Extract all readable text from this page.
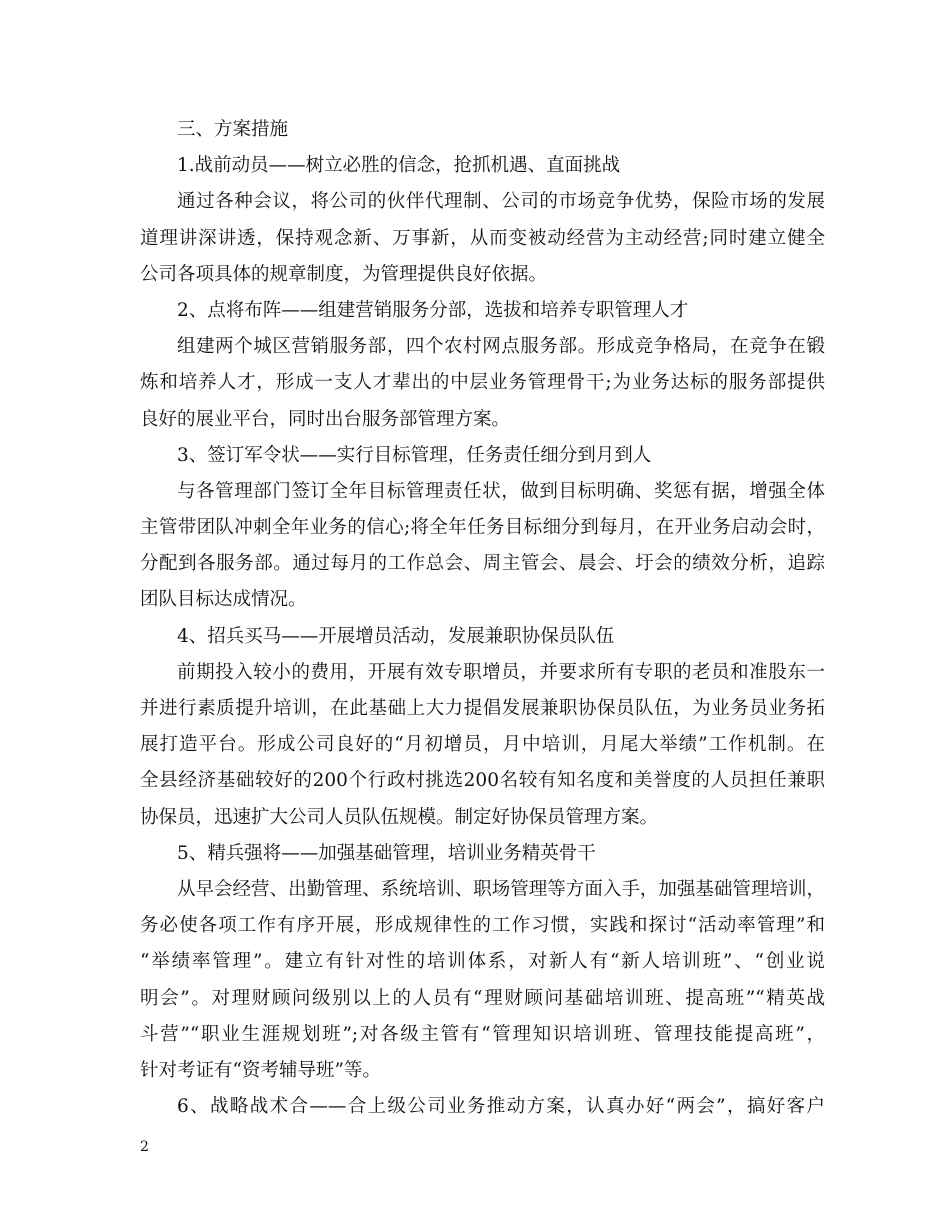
三、方案措施
1.战前动员——树立必胜的信念，抢抓机遇、直面挑战
通过各种会议，将公司的伙伴代理制、公司的市场竞争优势，保险市场的发展
道理讲深讲透，保持观念新、万事新，从而变被动经营为主动经营;同时建立健全
公司各项具体的规章制度，为管理提供良好依据。
2、点将布阵——组建营销服务分部，选拔和培养专职管理人才
组建两个城区营销服务部，四个农村网点服务部。形成竞争格局，在竞争在锻
炼和培养人才，形成一支人才辈出的中层业务管理骨干;为业务达标的服务部提供
良好的展业平台，同时出台服务部管理方案。
3、签订军令状——实行目标管理，任务责任细分到月到人
与各管理部门签订全年目标管理责任状，做到目标明确、奖惩有据，增强全体
主管带团队冲刺全年业务的信心;将全年任务目标细分到每月，在开业务启动会时，
分配到各服务部。通过每月的工作总会、周主管会、晨会、圩会的绩效分析，追踪
团队目标达成情况。
4、招兵买马——开展增员活动，发展兼职协保员队伍
前期投入较小的费用，开展有效专职增员，并要求所有专职的老员和准股东一
并进行素质提升培训，在此基础上大力提倡发展兼职协保员队伍，为业务员业务拓
展打造平台。形成公司良好的“月初增员，月中培训，月尾大举绩”工作机制。在
全县经济基础较好的200个行政村挑选200名较有知名度和美誉度的人员担任兼职
协保员，迅速扩大公司人员队伍规模。制定好协保员管理方案。
5、精兵强将——加强基础管理，培训业务精英骨干
从早会经营、出勤管理、系统培训、职场管理等方面入手，加强基础管理培训，
务必使各项工作有序开展，形成规律性的工作习惯，实践和探讨“活动率管理”和
“举绩率管理”。建立有针对性的培训体系，对新人有“新人培训班”、“创业说
明会”。对理财顾问级别以上的人员有“理财顾问基础培训班、提高班”“精英战
斗营”“职业生涯规划班”;对各级主管有“管理知识培训班、管理技能提高班”，
针对考证有“资考辅导班”等。
6、战略战术合——合上级公司业务推动方案，认真办好“两会”，搞好客户
2
